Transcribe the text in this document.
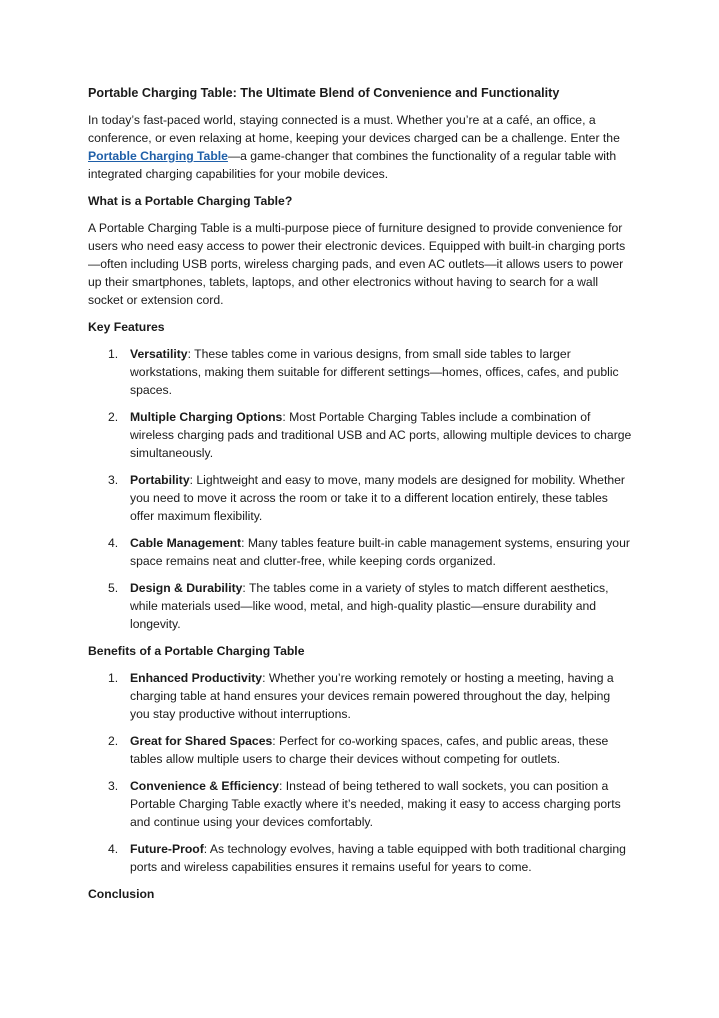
Portable Charging Table: The Ultimate Blend of Convenience and Functionality

In today’s fast-paced world, staying connected is a must. Whether you’re at a café, an office, a conference, or even relaxing at home, keeping your devices charged can be a challenge. Enter the Portable Charging Table—a game-changer that combines the functionality of a regular table with integrated charging capabilities for your mobile devices.

What is a Portable Charging Table?

A Portable Charging Table is a multi-purpose piece of furniture designed to provide convenience for users who need easy access to power their electronic devices. Equipped with built-in charging ports—often including USB ports, wireless charging pads, and even AC outlets—it allows users to power up their smartphones, tablets, laptops, and other electronics without having to search for a wall socket or extension cord.

Key Features
1. Versatility: These tables come in various designs, from small side tables to larger workstations, making them suitable for different settings—homes, offices, cafes, and public spaces.
2. Multiple Charging Options: Most Portable Charging Tables include a combination of wireless charging pads and traditional USB and AC ports, allowing multiple devices to charge simultaneously.
3. Portability: Lightweight and easy to move, many models are designed for mobility. Whether you need to move it across the room or take it to a different location entirely, these tables offer maximum flexibility.
4. Cable Management: Many tables feature built-in cable management systems, ensuring your space remains neat and clutter-free, while keeping cords organized.
5. Design & Durability: The tables come in a variety of styles to match different aesthetics, while materials used—like wood, metal, and high-quality plastic—ensure durability and longevity.
Benefits of a Portable Charging Table
1. Enhanced Productivity: Whether you’re working remotely or hosting a meeting, having a charging table at hand ensures your devices remain powered throughout the day, helping you stay productive without interruptions.
2. Great for Shared Spaces: Perfect for co-working spaces, cafes, and public areas, these tables allow multiple users to charge their devices without competing for outlets.
3. Convenience & Efficiency: Instead of being tethered to wall sockets, you can position a Portable Charging Table exactly where it’s needed, making it easy to access charging ports and continue using your devices comfortably.
4. Future-Proof: As technology evolves, having a table equipped with both traditional charging ports and wireless capabilities ensures it remains useful for years to come.
Conclusion
